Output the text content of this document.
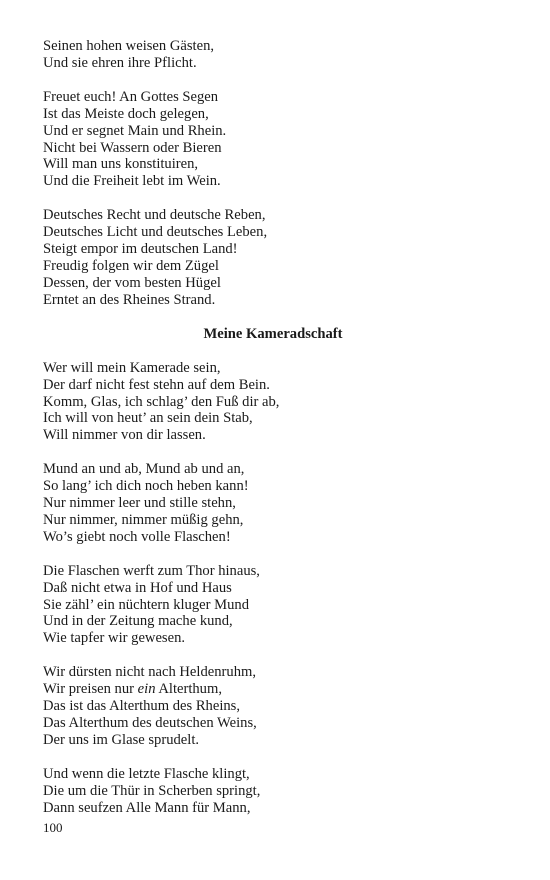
Seinen hohen weisen Gästen,
Und sie ehren ihre Pflicht.
Freuet euch! An Gottes Segen
Ist das Meiste doch gelegen,
Und er segnet Main und Rhein.
Nicht bei Wassern oder Bieren
Will man uns konstituiren,
Und die Freiheit lebt im Wein.
Deutsches Recht und deutsche Reben,
Deutsches Licht und deutsches Leben,
Steigt empor im deutschen Land!
Freudig folgen wir dem Zügel
Dessen, der vom besten Hügel
Erntet an des Rheines Strand.
Meine Kameradschaft
Wer will mein Kamerade sein,
Der darf nicht fest stehn auf dem Bein.
Komm, Glas, ich schlag’ den Fuß dir ab,
Ich will von heut’ an sein dein Stab,
Will nimmer von dir lassen.
Mund an und ab, Mund ab und an,
So lang’ ich dich noch heben kann!
Nur nimmer leer und stille stehn,
Nur nimmer, nimmer müßig gehn,
Wo’s giebt noch volle Flaschen!
Die Flaschen werft zum Thor hinaus,
Daß nicht etwa in Hof und Haus
Sie zähl’ ein nüchtern kluger Mund
Und in der Zeitung mache kund,
Wie tapfer wir gewesen.
Wir dürsten nicht nach Heldenruhm,
Wir preisen nur ein Alterthum,
Das ist das Alterthum des Rheins,
Das Alterthum des deutschen Weins,
Der uns im Glase sprudelt.
Und wenn die letzte Flasche klingt,
Die um die Thür in Scherben springt,
Dann seufzen Alle Mann für Mann,
100
